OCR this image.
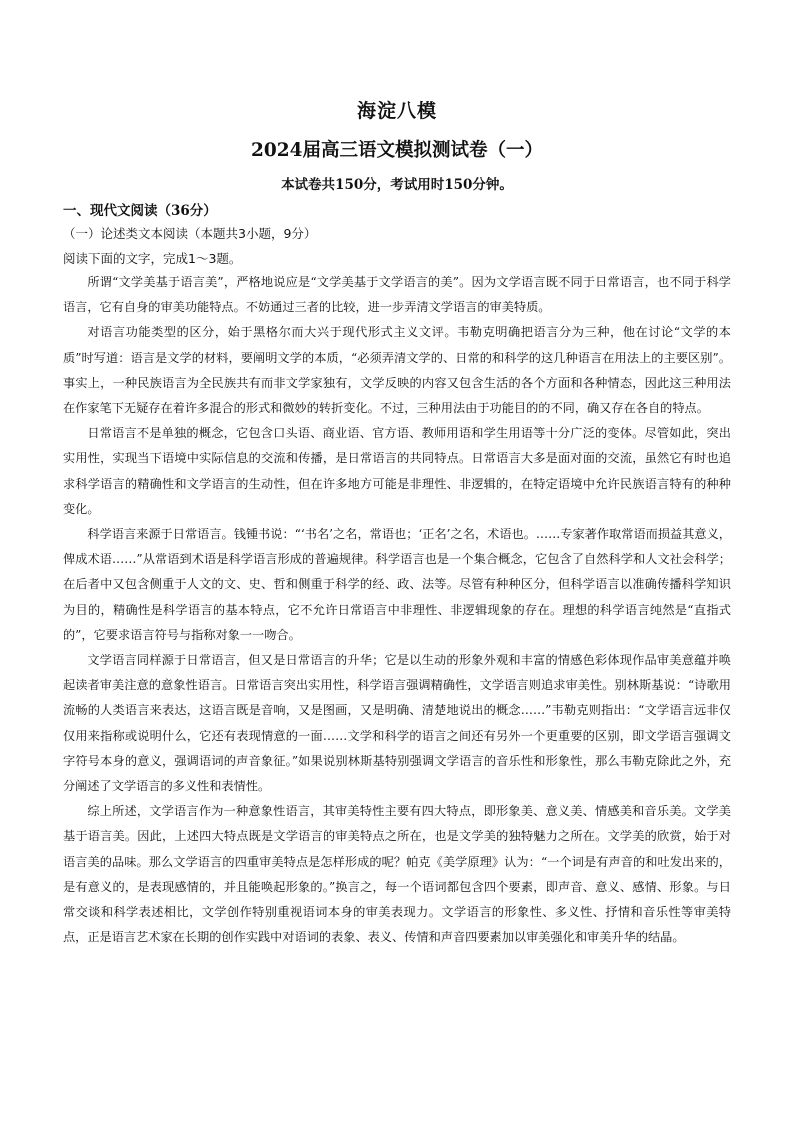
海淀八模
2024届高三语文模拟测试卷（一）
本试卷共150分，考试用时150分钟。
一、现代文阅读（36分）
（一）论述类文本阅读（本题共3小题，9分）
阅读下面的文字，完成1～3题。

所谓“文学美基于语言美”，严格地说应是“文学美基于文学语言的美”。因为文学语言既不同于日常语言，也不同于科学语言，它有自身的审美功能特点。不妨通过三者的比较，进一步弄清文学语言的审美特质。

对语言功能类型的区分，始于黑格尔而大兴于现代形式主义文评。韦勒克明确把语言分为三种，他在讨论“文学的本质”时写道：语言是文学的材料，要阐明文学的本质，“必须弄清文学的、日常的和科学的这几种语言在用法上的主要区别”。事实上，一种民族语言为全民族共有而非文学家独有，文学反映的内容又包含生活的各个方面和各种情态，因此这三种用法在作家笔下无疑存在着许多混合的形式和微妙的转折变化。不过，三种用法由于功能目的的不同，确又存在各自的特点。

日常语言不是单独的概念，它包含口头语、商业语、官方语、教师用语和学生用语等十分广泛的变体。尽管如此，突出实用性，实现当下语境中实际信息的交流和传播，是日常语言的共同特点。日常语言大多是面对面的交流，虽然它有时也追求科学语言的精确性和文学语言的生动性，但在许多地方可能是非理性、非逻辑的，在特定语境中允许民族语言特有的种种变化。

科学语言来源于日常语言。钱锺书说：“‘书名’之名，常语也；‘正名’之名，术语也。……专家著作取常语而损益其意义，俾成术语……”从常语到术语是科学语言形成的普遍规律。科学语言也是一个集合概念，它包含了自然科学和人文社会科学；在后者中又包含侧重于人文的文、史、哲和侧重于科学的经、政、法等。尽管有种种区分，但科学语言以准确传播科学知识为目的，精确性是科学语言的基本特点，它不允许日常语言中非理性、非逻辑现象的存在。理想的科学语言纯然是“直指式的”，它要求语言符号与指称对象一一吻合。

文学语言同样源于日常语言，但又是日常语言的升华；它是以生动的形象外观和丰富的情感色彩体现作品审美意蕴并唤起读者审美注意的意象性语言。日常语言突出实用性，科学语言强调精确性，文学语言则追求审美性。别林斯基说：“诗歌用流畅的人类语言来表达，这语言既是音响，又是图画，又是明确、清楚地说出的概念……”韦勒克则指出：“文学语言远非仅仅用来指称或说明什么，它还有表现情意的一面……文学和科学的语言之间还有另外一个更重要的区别，即文学语言强调文字符号本身的意义，强调语词的声音象征。”如果说别林斯基特别强调文学语言的音乐性和形象性，那么韦勒克除此之外，充分阐述了文学语言的多义性和表情性。

综上所述，文学语言作为一种意象性语言，其审美特性主要有四大特点，即形象美、意义美、情感美和音乐美。文学美基于语言美。因此，上述四大特点既是文学语言的审美特点之所在，也是文学美的独特魅力之所在。文学美的欣赏，始于对语言美的品味。那么文学语言的四重审美特点是怎样形成的呢？帕克《美学原理》认为：“一个词是有声音的和吐发出来的，是有意义的，是表现感情的，并且能唤起形象的。”换言之，每一个语词都包含四个要素，即声音、意义、感情、形象。与日常交谈和科学表述相比，文学创作特别重视语词本身的审美表现力。文学语言的形象性、多义性、抒情和音乐性等审美特点，正是语言艺术家在长期的创作实践中对语词的表象、表义、传情和声音四要素加以审美强化和审美升华的结晶。
